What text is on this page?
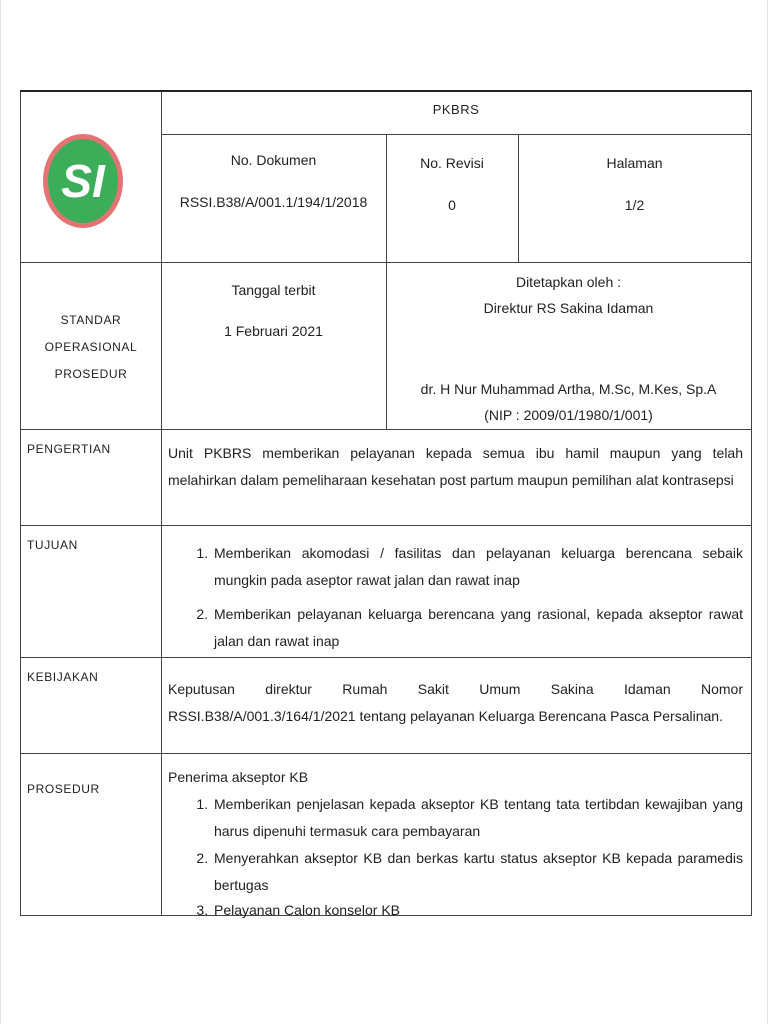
SI
PKBRS
No. Dokumen
RSSI.B38/A/001.1/194/1/2018
No. Revisi
0
Halaman
1/2
STANDAR
OPERASIONAL
PROSEDUR
Tanggal terbit
1 Februari 2021
Ditetapkan oleh :
Direktur RS Sakina Idaman
dr. H Nur Muhammad Artha, M.Sc, M.Kes, Sp.A
(NIP : 2009/01/1980/1/001)
PENGERTIAN	Unit PKBRS memberikan pelayanan kepada semua ibu hamil maupun yang telah melahirkan dalam pemeliharaan kesehatan post partum maupun pemilihan alat kontrasepsi
TUJUAN
1.	Memberikan akomodasi / fasilitas dan pelayanan keluarga berencana sebaik mungkin pada aseptor rawat jalan dan rawat inap
2. Memberikan pelayanan keluarga berencana yang rasional, kepada akseptor rawat jalan dan rawat inap
KEBIJAKAN
Keputusan direktur Rumah Sakit Umum Sakina Idaman Nomor RSSI.B38/A/001.3/164/1/2021 tentang pelayanan Keluarga Berencana Pasca Persalinan.
PROSEDUR
Penerima akseptor KB
1. Memberikan penjelasan kepada akseptor KB tentang tata tertibdan kewajiban yang harus dipenuhi termasuk cara pembayaran
2. Menyerahkan akseptor KB dan berkas kartu status akseptor KB kepada paramedis bertugas
3. Pelayanan Calon konselor KB
